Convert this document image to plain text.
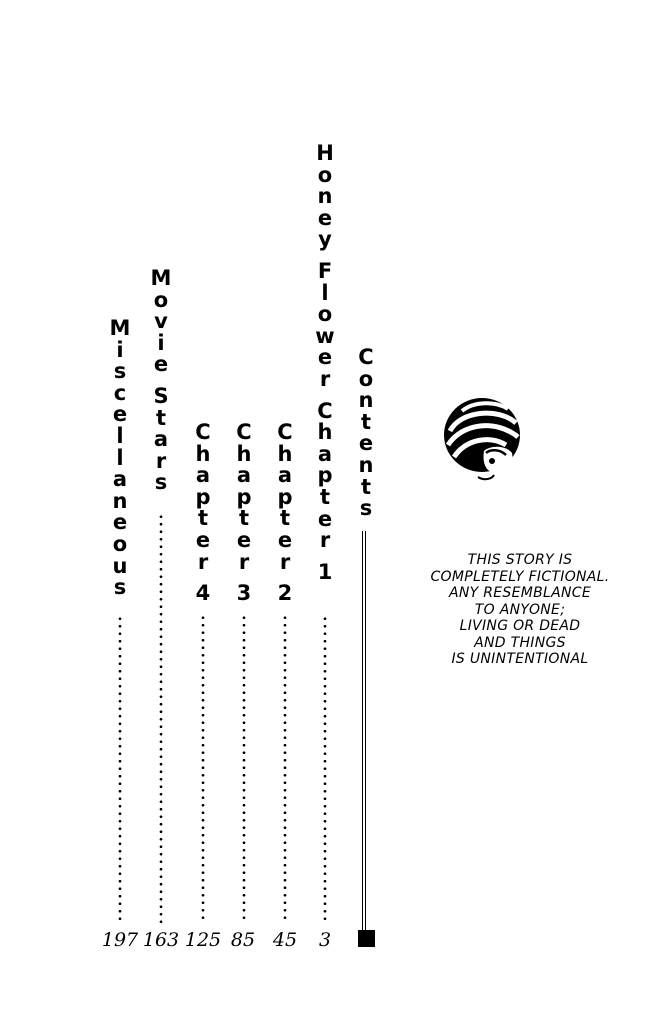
C
o
n
t
e
n
t
s
H
o
n
e
y
F
l
o
w
e
r
C
h
a
p
t
e
r
1
C
h
a
p
t
e
r
2
C
h
a
p
t
e
r
3
C
h
a
p
t
e
r
4
M
o
v
i
e
S
t
a
r
s
M
i
s
c
e
l
l
a
n
e
o
u
s
3
45
85
125
163
197
THIS STORY IS
COMPLETELY FICTIONAL.
ANY RESEMBLANCE
TO ANYONE;
LIVING OR DEAD
AND THINGS
IS UNINTENTIONAL
